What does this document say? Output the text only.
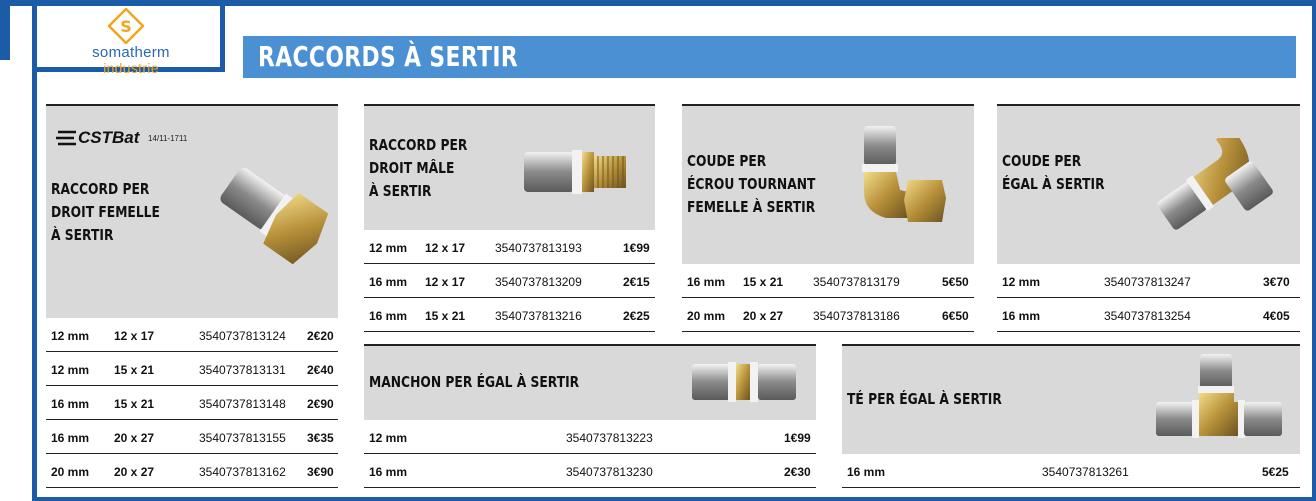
S
somatherm
industrie	RACCORDS À SERTIR
CSTBat 14/11-1711
RACCORD PER
DROIT FEMELLE
À SERTIR
12 mm 12 x 17	3540737813124 2€20
12 mm 15 x 21	3540737813131 2€40
16 mm 15 x 21	3540737813148 2€90
16 mm 20 x 27	3540737813155 3€35
20 mm 20 x 27	3540737813162 3€90
RACCORD PER
DROIT MÂLE
À SERTIR
12 mm 12 x 17 3540737813193	1€99
16 mm 12 x 17 3540737813209	2€15
16 mm 15 x 21 3540737813216	2€25
COUDE PER
ÉCROU TOURNANT
FEMELLE À SERTIR
16 mm 15 x 21 3540737813179	5€50
20 mm 20 x 27 3540737813186	6€50
COUDE PER
ÉGAL À SERTIR
12 mm	3540737813247	3€70
16 mm	3540737813254	4€05
MANCHON PER ÉGAL À SERTIR
12 mm	3540737813223	1€99
16 mm	3540737813230	2€30
TÉ PER ÉGAL À SERTIR
16 mm	3540737813261	5€25
